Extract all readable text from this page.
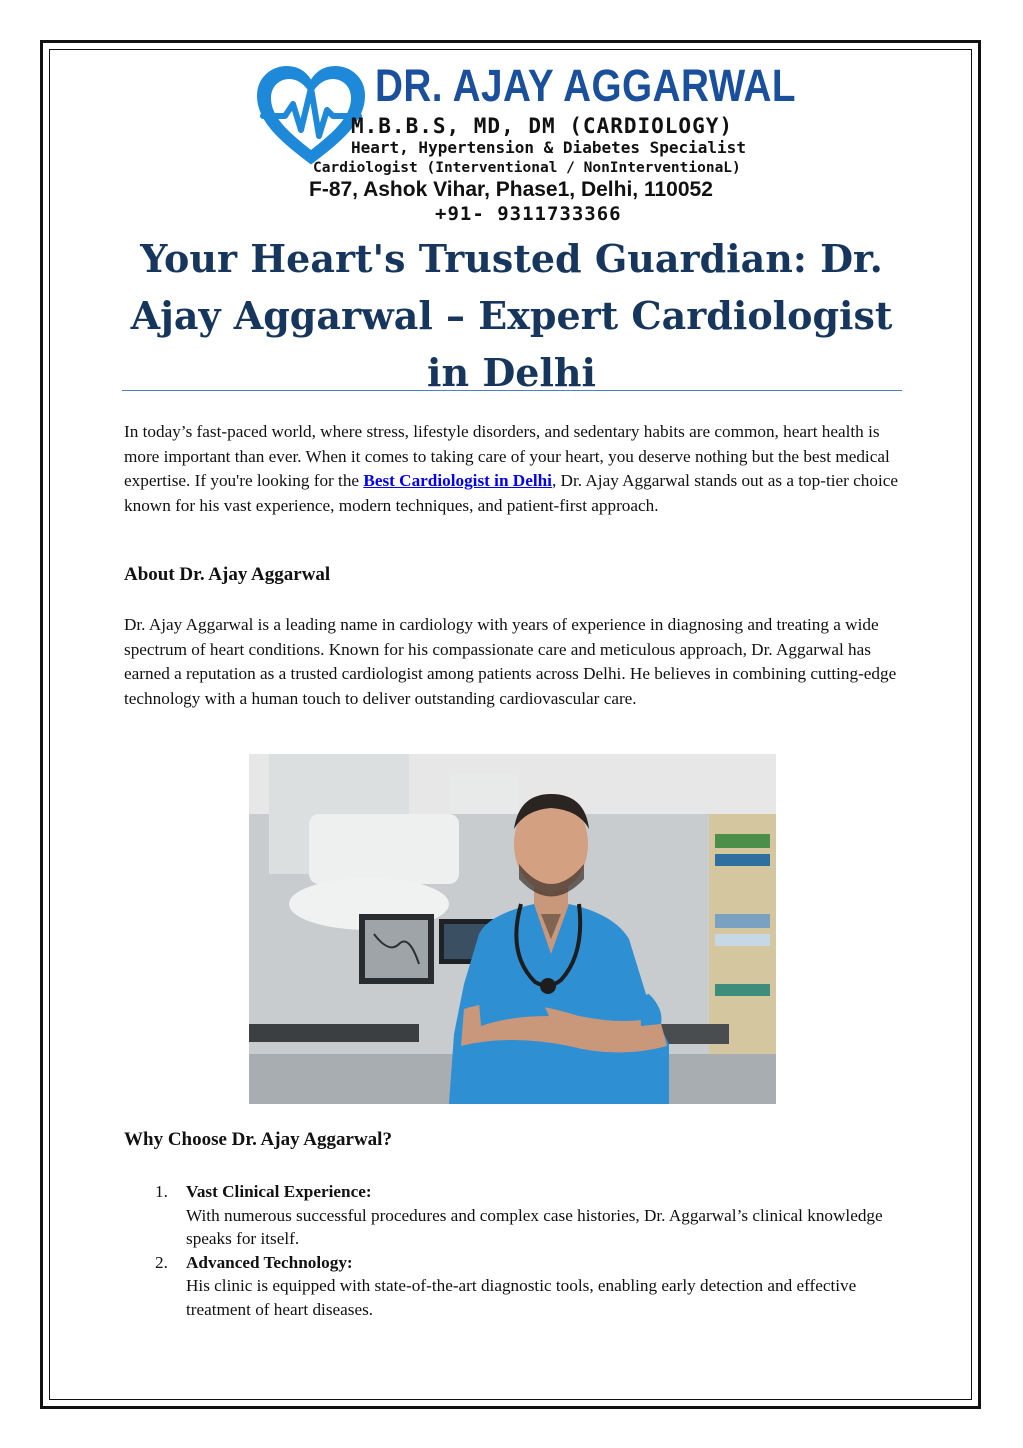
DR. AJAY AGGARWAL
M.B.B.S, MD, DM (CARDIOLOGY)
Heart, Hypertension & Diabetes Specialist
Cardiologist (Interventional / NonInterventionaL)
F-87, Ashok Vihar, Phase1, Delhi, 110052
+91- 9311733366
Your Heart's Trusted Guardian: Dr. Ajay Aggarwal – Expert Cardiologist in Delhi

In today’s fast-paced world, where stress, lifestyle disorders, and sedentary habits are common, heart health is more important than ever. When it comes to taking care of your heart, you deserve nothing but the best medical expertise. If you're looking for the Best Cardiologist in Delhi, Dr. Ajay Aggarwal stands out as a top-tier choice known for his vast experience, modern techniques, and patient-first approach.

About Dr. Ajay Aggarwal

Dr. Ajay Aggarwal is a leading name in cardiology with years of experience in diagnosing and treating a wide spectrum of heart conditions. Known for his compassionate care and meticulous approach, Dr. Aggarwal has earned a reputation as a trusted cardiologist among patients across Delhi. He believes in combining cutting-edge technology with a human touch to deliver outstanding cardiovascular care.

Why Choose Dr. Ajay Aggarwal?
1. Vast Clinical Experience:
With numerous successful procedures and complex case histories, Dr. Aggarwal’s clinical knowledge speaks for itself.
2. Advanced Technology:
His clinic is equipped with state-of-the-art diagnostic tools, enabling early detection and effective treatment of heart diseases.
